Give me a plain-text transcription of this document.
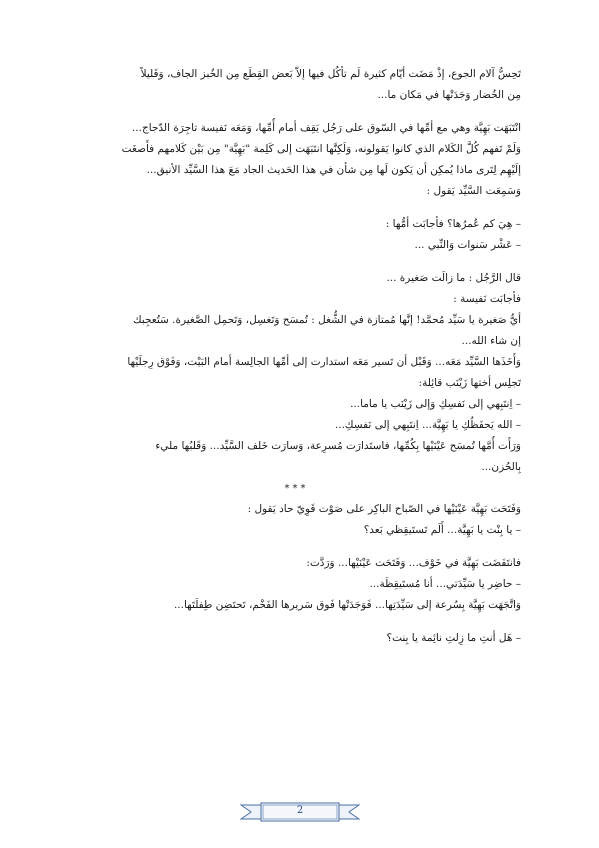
تَحِسُّ آلام الجوع، إذْ مَضَت أيّام كثيرة لَم تأكُل فيها إلاّ بَعض القِطَع مِن الخُبز الجاف، وَقَليلاً
مِن الخُضار وَجَدَتْها في مَكان ما...
انْتَبَهَت بَهِيَّة وهي مع أمِّها في السّوق على رَجُل يَقِف أمام أُمِّها، وَمَعَه نَفيسة تاجِرَة الدّجاج...
وَلَمْ تَفهم كُلَّ الكَلام الذي كانوا يَقولونه، وَلَكِنَّها انتَبَهَت إلى كَلِمة "بَهِيَّة" مِن بَيْن كَلامهم فأَصغَت
إلَيْهِم لِتَرى ماذا يُمكِن أن يَكون لَها مِن شأن في هذا الحَديث الجاد مَعَ هذا السَّيِّد الأنيق...
وَسَمِعَت السَّيِّد يَقول :
– هِيَ كم عُمرُها؟ فأجابَت أمُّها :
– عَشْر سَنوات وَالنِّبي ...
قال الرَّجُل : ما زالَت صَغيرة ...
فأجابَت نَفيسة :
أيُّ صَغيرة يا سَيِّد مُحمَّد! إنَّها مُمتازة في الشُّغل : تُمسَح وَتَغسِل، وَتَحمِل الصَّغيرة. سَتُعجِبك
إن شاء الله...
وَأَخَذَها السَّيِّد مَعَه... وَقَبْل أن تَسير مَعَه استدارت إلى أمِّها الجالِسة أمام البَيْت، وَفَوْق رِجلَيْها
تَجلِس أختها زَيْنَب قائِلة:
– اِنتَبِهي إلى نَفسِكِ وَإلى زَيْنَب يا ماما...
– الله يَحفَظُكِ يا بَهِيَّة... اِنتَبِهي إلى نَفسِكِ...
وَرَأَت أُمَّها تُمسَح عَيْنَيْها بِكُمِّها، فاستَدارَت مُسرِعة، وَسارَت خَلف السَّيِّد... وَقَلبُها مليء
بِالحُزن...
***
وَفَتَحَت بَهِيَّة عَيْنَيْها في الصّباح الباكِر على صَوْت قَوِيّ حاد يَقول :
– يا بِنْت يا بَهِيَّة... أَلَم تَستَيقِظي بَعد؟
فانتَفَضَت بَهِيَّة في خَوْف... وَفَتَحَت عَيْنَيْها... وَرَدَّت:
– حاضِر يا سَيِّدَتي... أنا مُستَيقِظَة...
وَاتَّجَهَت بَهِيَّة بِسُرعة إلى سَيِّدَتِها... فَوَجَدَتْها فَوق سَريرها الفَخْم، تَحتَضِن طِفلَتَها...
– هَل أنتِ ما زِلتِ نائِمة يا بِنت؟
2
